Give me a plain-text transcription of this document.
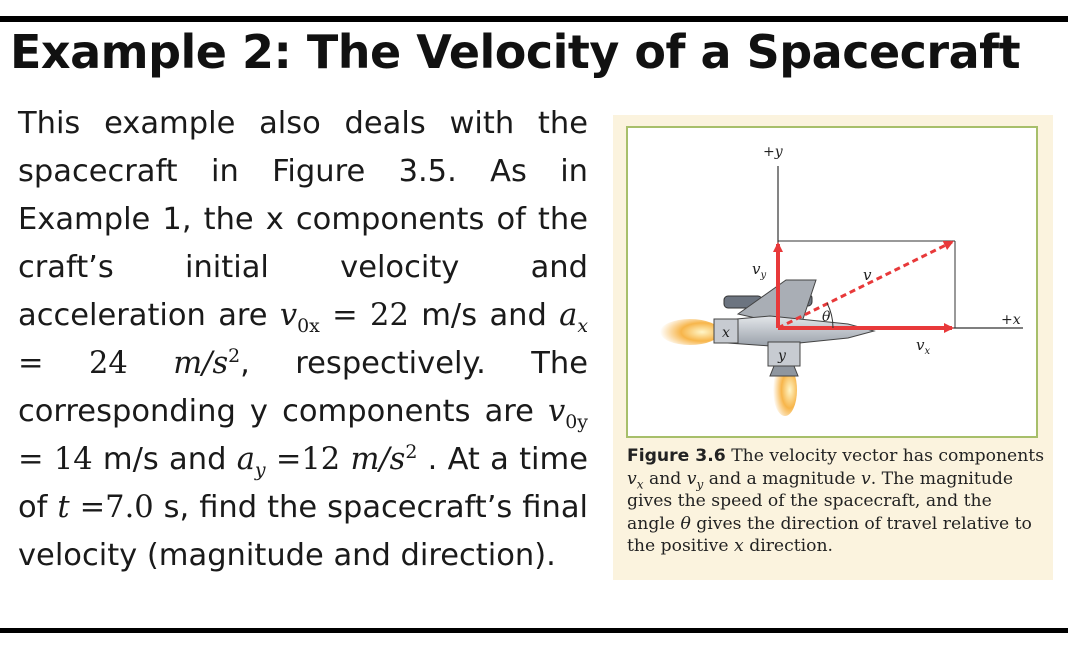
Example 2: The Velocity of a Spacecraft
This example also deals with the spacecraft in Figure 3.5. As in Example 1, the x components of the craft’s initial velocity and acceleration are $v_{0x} = 22$ m/s and $a_x = 24$ $m/s^2$, respectively. The corresponding y components are $v_{0y} = 14$ m/s and $a_y =12$ $m/s^2$ . At a time of t =7.0 s, find the spacecraft’s final velocity (magnitude and direction).
x
y
+y
+x
v
$v_y$
$v_x$
θ
Figure 3.6 The velocity vector has components $v_x$ and $v_y$ and a magnitude v. The magnitude gives the speed of the spacecraft, and the angle θ gives the direction of travel relative to the positive x direction.
